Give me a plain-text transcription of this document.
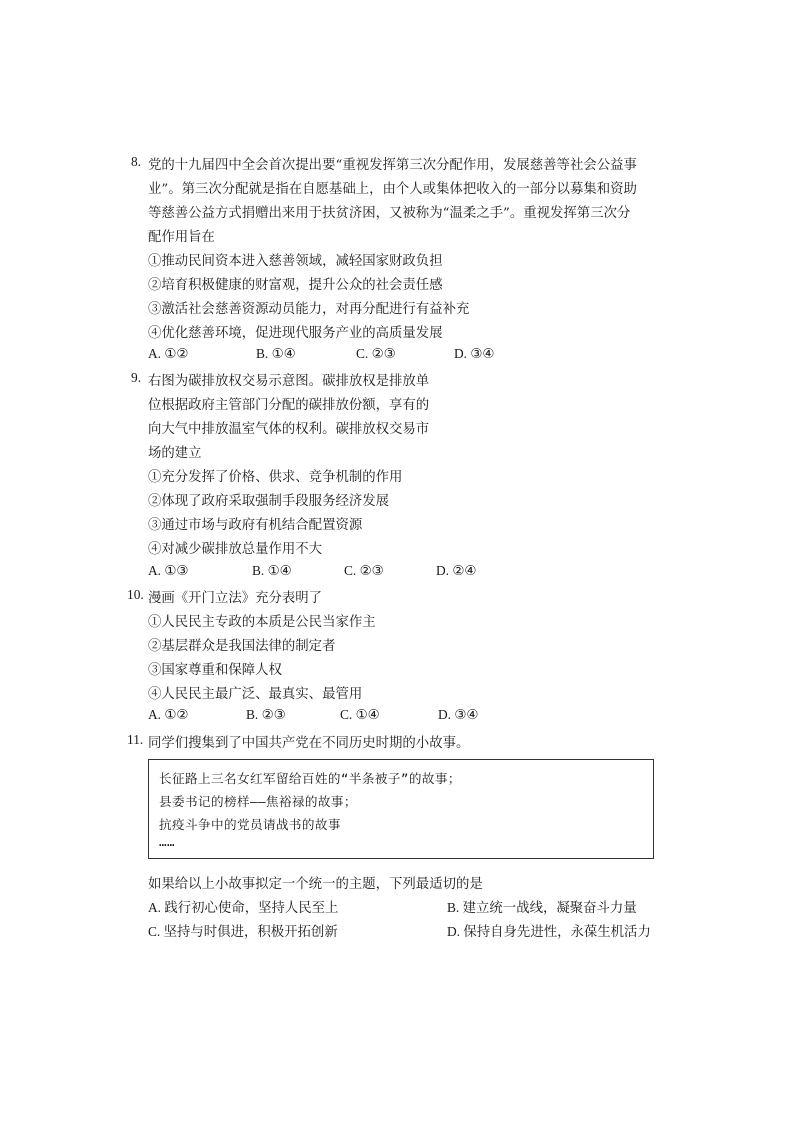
8. 党的十九届四中全会首次提出要“重视发挥第三次分配作用，发展慈善等社会公益事
业”。第三次分配就是指在自愿基础上，由个人或集体把收入的一部分以募集和资助
等慈善公益方式捐赠出来用于扶贫济困，又被称为“温柔之手”。重视发挥第三次分
配作用旨在
①推动民间资本进入慈善领域，减轻国家财政负担
②培育积极健康的财富观，提升公众的社会责任感
③激活社会慈善资源动员能力，对再分配进行有益补充
④优化慈善环境，促进现代服务产业的高质量发展
A. ①②	B. ①④	C. ②③	D. ③④
9. 右图为碳排放权交易示意图。碳排放权是排放单
位根据政府主管部门分配的碳排放份额，享有的
向大气中排放温室气体的权利。碳排放权交易市
场的建立
①充分发挥了价格、供求、竞争机制的作用
②体现了政府采取强制手段服务经济发展
③通过市场与政府有机结合配置资源
④对减少碳排放总量作用不大
A. ①③	B. ①④	C. ②③	D. ②④
10. 漫画《开门立法》充分表明了
①人民民主专政的本质是公民当家作主
②基层群众是我国法律的制定者
③国家尊重和保障人权
④人民民主最广泛、最真实、最管用
A. ①②	B. ②③	C. ①④	D. ③④
11. 同学们搜集到了中国共产党在不同历史时期的小故事。
长征路上三名女红军留给百姓的“半条被子”的故事；
县委书记的榜样——焦裕禄的故事；
抗疫斗争中的党员请战书的故事
……
如果给以上小故事拟定一个统一的主题，下列最适切的是
A. 践行初心使命，坚持人民至上	B. 建立统一战线，凝聚奋斗力量
C. 坚持与时俱进，积极开拓创新	D. 保持自身先进性，永葆生机活力
